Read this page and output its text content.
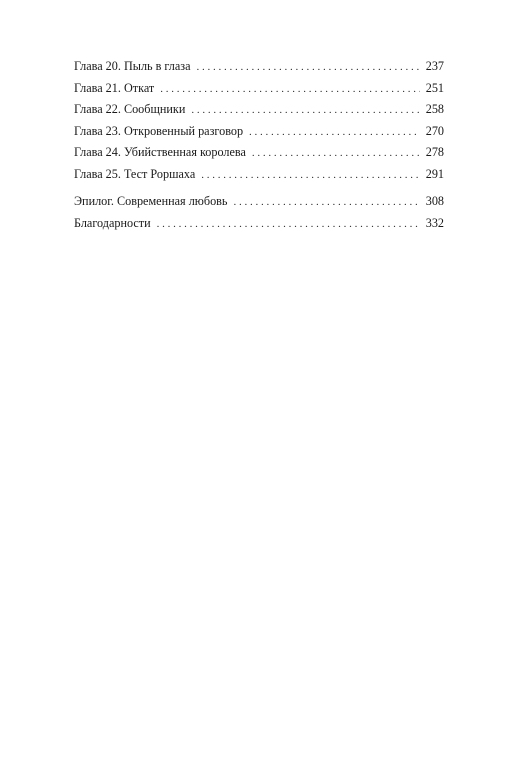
Глава 20. Пыль в глаза . . .	237
Глава 21. Откат . . .	251
Глава 22. Сообщники . . .	258
Глава 23. Откровенный разговор . . .	270
Глава 24. Убийственная королева . . .	278
Глава 25. Тест Роршаха . . .	291
Эпилог. Современная любовь . . .	308
Благодарности . . .	332
